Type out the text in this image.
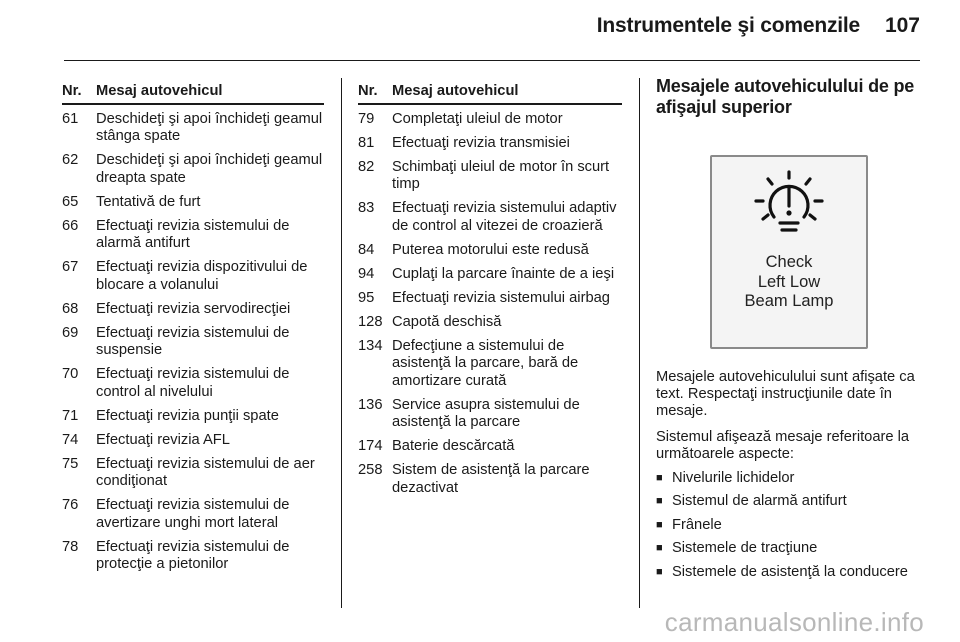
Instrumentele şi comenzile 107
Nr. Mesaj autovehicul
61	Deschideţi şi apoi închideţi geamul stânga spate
62	Deschideţi şi apoi închideţi geamul dreapta spate
65	Tentativă de furt
66	Efectuaţi revizia sistemului de alarmă antifurt
67	Efectuaţi revizia dispozitivului de blocare a volanului
68	Efectuaţi revizia servodirecţiei
69	Efectuaţi revizia sistemului de suspensie
70	Efectuaţi revizia sistemului de control al nivelului
71	Efectuaţi revizia punţii spate
74	Efectuaţi revizia AFL
75	Efectuaţi revizia sistemului de aer condiţionat
76	Efectuaţi revizia sistemului de avertizare unghi mort lateral
78	Efectuaţi revizia sistemului de protecţie a pietonilor
Nr. Mesaj autovehicul
79	Completaţi uleiul de motor
81	Efectuaţi revizia transmisiei
82	Schimbaţi uleiul de motor în scurt timp
83	Efectuaţi revizia sistemului adaptiv de control al vitezei de croazieră
84	Puterea motorului este redusă
94	Cuplaţi la parcare înainte de a ieşi
95	Efectuaţi revizia sistemului airbag
128 Capotă deschisă
134 Defecţiune a sistemului de asistenţă la parcare, bară de amortizare curată
136 Service asupra sistemului de asistenţă la parcare
174 Baterie descărcată
258 Sistem de asistenţă la parcare dezactivat
Mesajele autovehiculului de pe afişajul superior
Check
Left Low
Beam Lamp

Mesajele autovehiculului sunt afişate ca text. Respectaţi instrucţiunile date în mesaje.

Sistemul afişează mesaje referitoare la următoarele aspecte:

■ Nivelurile lichidelor
■ Sistemul de alarmă antifurt
■ Frânele
■ Sistemele de tracţiune
■ Sistemele de asistenţă la conducere
carmanualsonline.info
